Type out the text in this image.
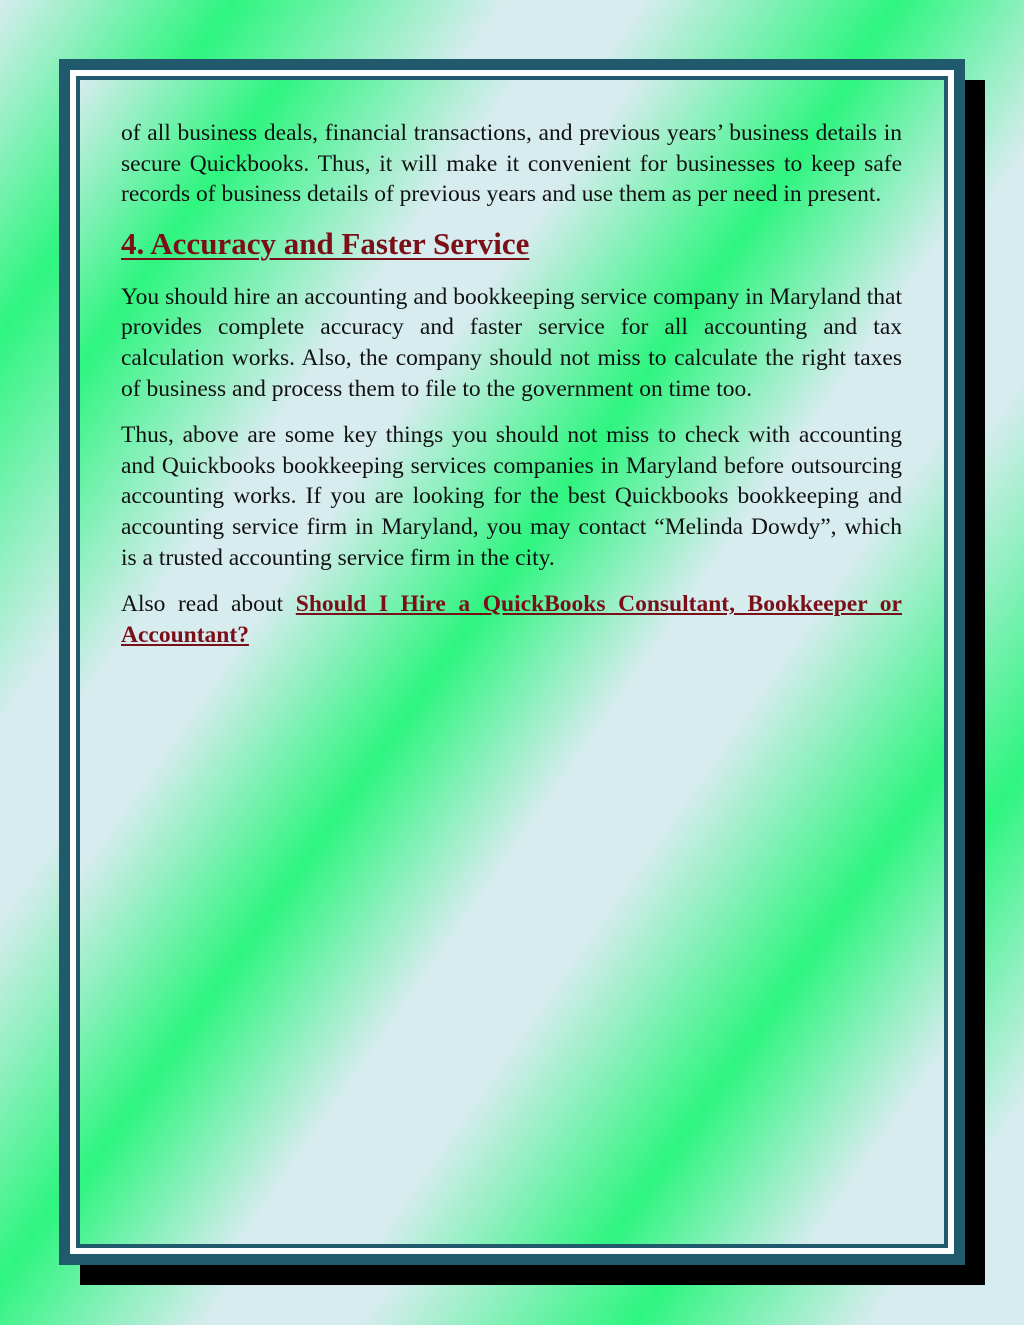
of all business deals, financial transactions, and previous years’ business details in secure Quickbooks. Thus, it will make it convenient for businesses to keep safe records of business details of previous years and use them as per need in present.

4. Accuracy and Faster Service

You should hire an accounting and bookkeeping service company in Maryland that provides complete accuracy and faster service for all accounting and tax calculation works. Also, the company should not miss to calculate the right taxes of business and process them to file to the government on time too.

Thus, above are some key things you should not miss to check with accounting and Quickbooks bookkeeping services companies in Maryland before outsourcing accounting works. If you are looking for the best Quickbooks bookkeeping and accounting service firm in Maryland, you may contact “Melinda Dowdy”, which is a trusted accounting service firm in the city.

Also read about Should I Hire a QuickBooks Consultant, Bookkeeper or Accountant?
